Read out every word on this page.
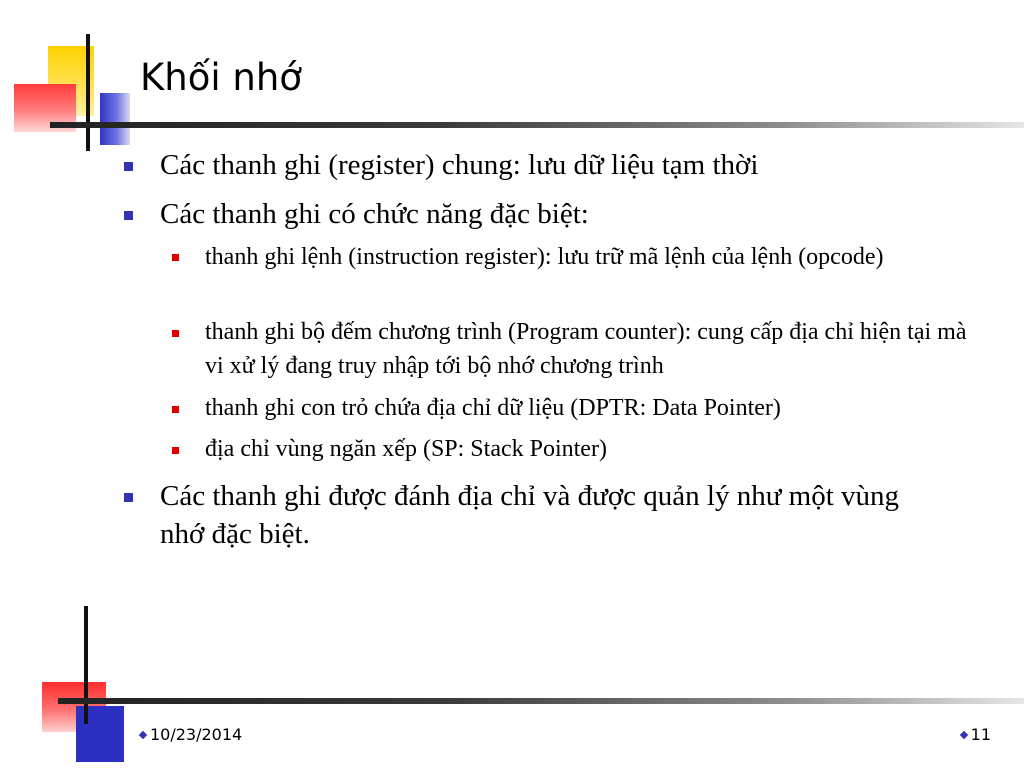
Khối nhớ
Các thanh ghi (register) chung: lưu dữ liệu tạm thời
Các thanh ghi có chức năng đặc biệt:
thanh ghi lệnh (instruction register): lưu trữ mã lệnh của lệnh (opcode)
thanh ghi bộ đếm chương trình (Program counter): cung cấp địa chỉ hiện tại mà vi xử lý đang truy nhập tới bộ nhớ chương trình
thanh ghi con trỏ chứa địa chỉ dữ liệu (DPTR: Data Pointer)
địa chỉ vùng ngăn xếp (SP: Stack Pointer)
Các thanh ghi được đánh địa chỉ và được quản lý như một vùng nhớ đặc biệt.
10/23/2014	11
